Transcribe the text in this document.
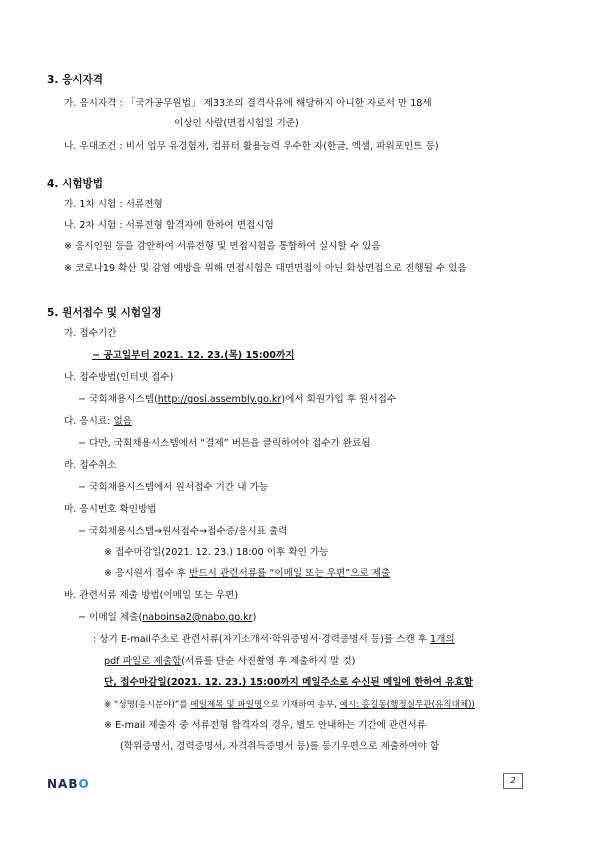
3. 응시자격
가. 응시자격 : 「국가공무원법」 제33조의 결격사유에 해당하지 아니한 자로서 만 18세
이상인 사람(면접시험일 기준)
나. 우대조건 : 비서 업무 유경험자, 컴퓨터 활용능력 우수한 자(한글, 엑셀, 파워포인트 등)
4. 시험방법
가. 1차 시험 : 서류전형
나. 2차 시험 : 서류전형 합격자에 한하여 면접시험
※ 응시인원 등을 감안하여 서류전형 및 면접시험을 통합하여 실시할 수 있음
※ 코로나19 확산 및 감염 예방을 위해 면접시험은 대면면접이 아닌 화상면접으로 진행될 수 있음
5. 원서접수 및 시험일정
가. 접수기간
− 공고일부터 2021. 12. 23.(목) 15:00까지
나. 접수방법(인터넷 접수)
− 국회채용시스템(http://gosi.assembly.go.kr)에서 회원가입 후 원서접수
다. 응시료: 없음
− 다만, 국회채용시스템에서 “결제” 버튼을 클릭하여야 접수가 완료됨
라. 접수취소
− 국회채용시스템에서 원서접수 기간 내 가능
마. 응시번호 확인방법
− 국회채용시스템→원서접수→접수증/응시표 출력
※ 접수마감일(2021. 12. 23.) 18:00 이후 확인 가능
※ 응시원서 접수 후 반드시 관련서류를 “이메일 또는 우편”으로 제출
바. 관련서류 제출 방법(이메일 또는 우편)
− 이메일 제출(naboinsa2@nabo.go.kr)
: 상기 E-mail주소로 관련서류(자기소개서·학위증명서·경력증명서 등)를 스캔 후 1개의
pdf 파일로 제출함(서류를 단순 사진촬영 후 제출하지 말 것)
단, 접수마감일(2021. 12. 23.) 15:00까지 메일주소로 수신된 메일에 한하여 유효함
※ “성명(응시분야)”를 메일제목 및 파일명으로 기재하여 송부, 예시: 홍길동(행정실무관(유직대체))
※ E-mail 제출자 중 서류전형 합격자의 경우, 별도 안내하는 기간에 관련서류
(학위증명서, 경력증명서, 자격취득증명서 등)를 등기우편으로 제출하여야 함
NABO	2
